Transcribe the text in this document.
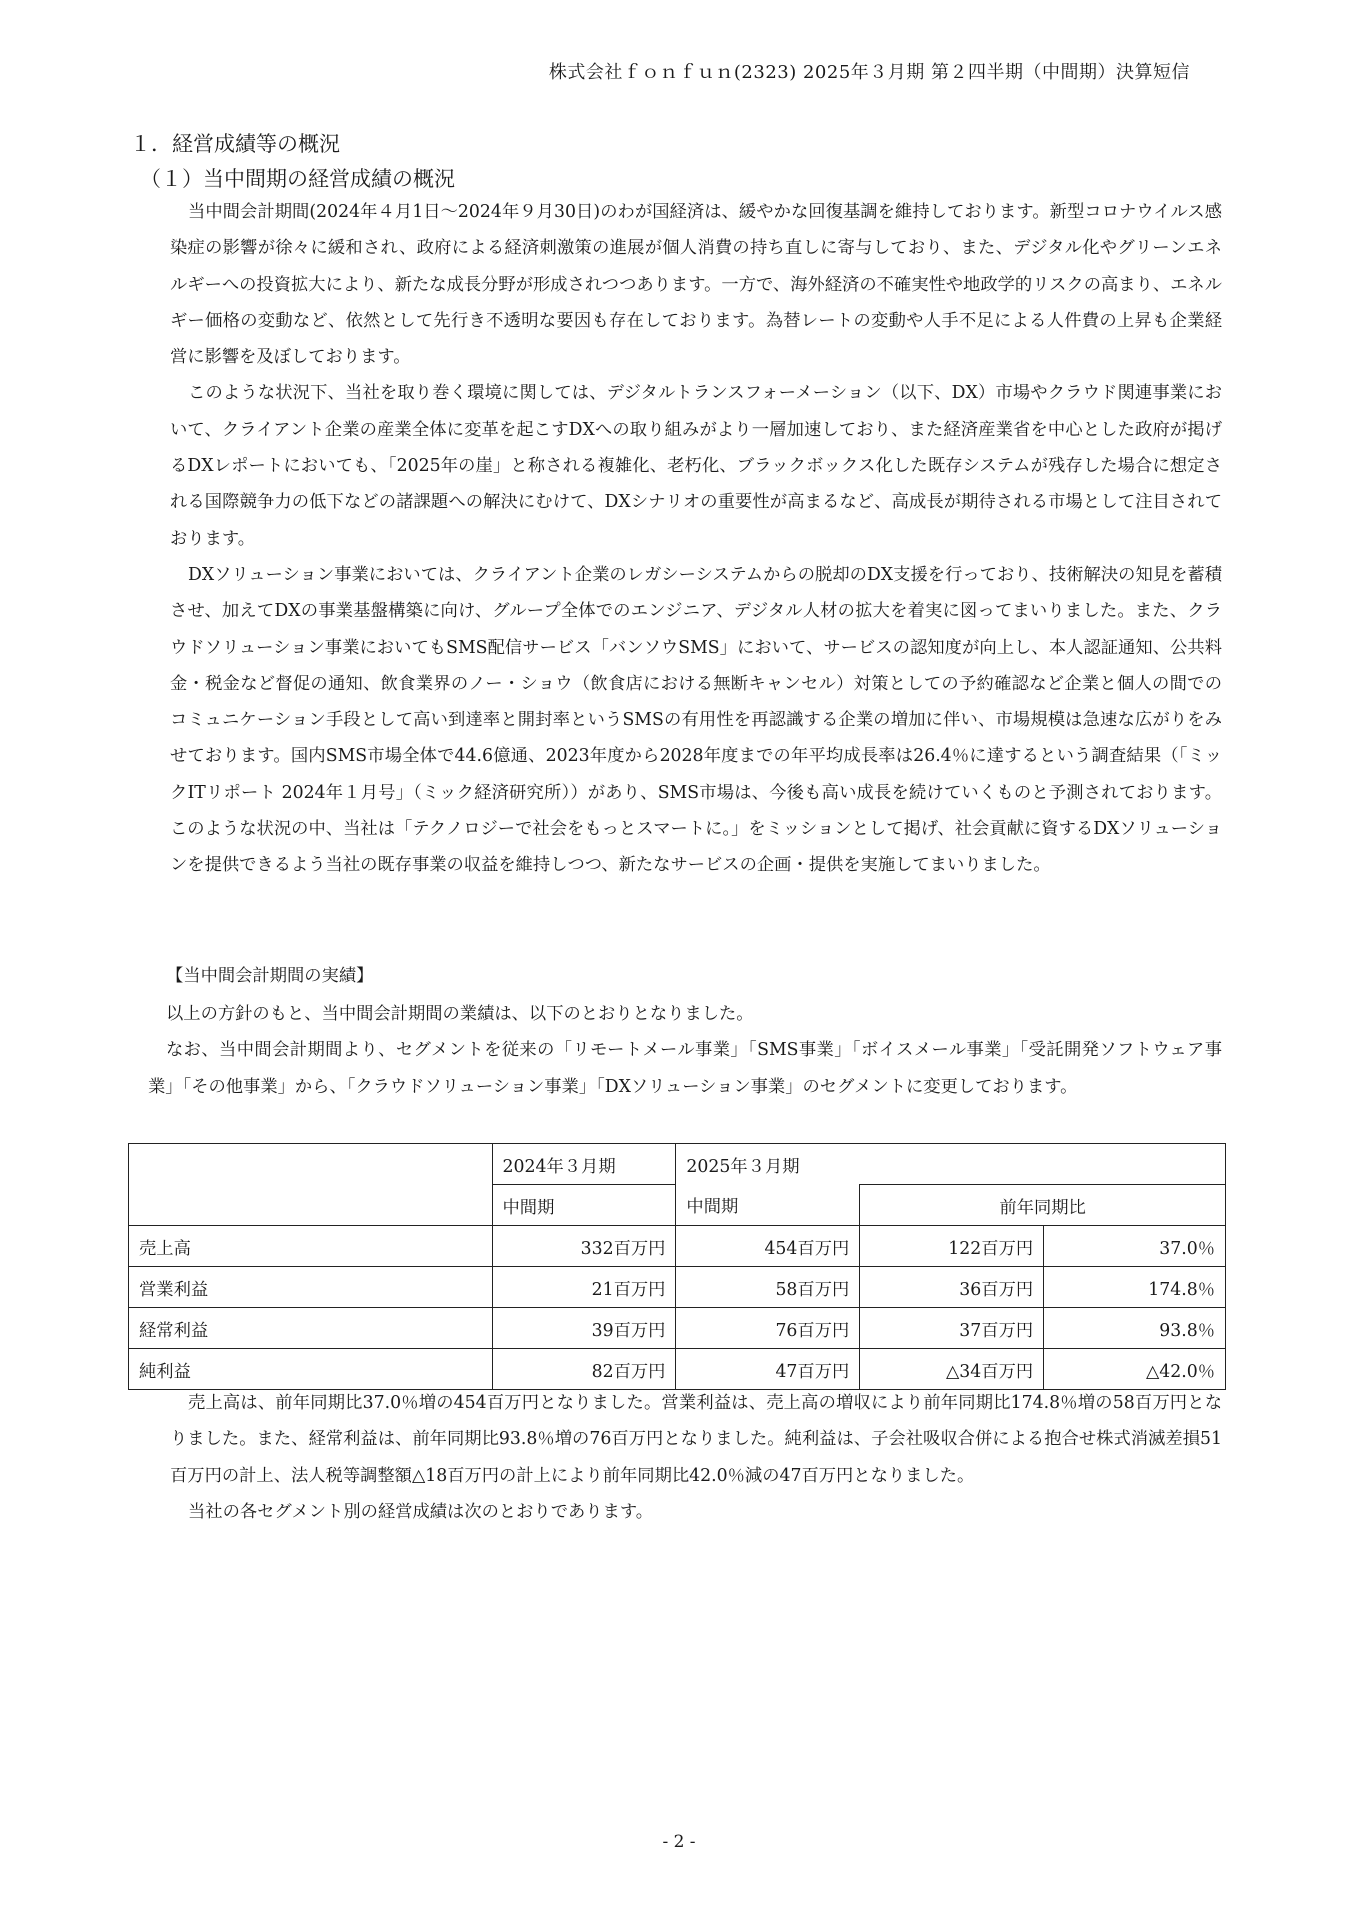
株式会社ｆｏｎｆｕｎ(2323) 2025年３月期 第２四半期（中間期）決算短信
１．経営成績等の概況
（１）当中間期の経営成績の概況

当中間会計期間(2024年４月1日～2024年９月30日)のわが国経済は、緩やかな回復基調を維持しております。新型コロナウイルス感染症の影響が徐々に緩和され、政府による経済刺激策の進展が個人消費の持ち直しに寄与しており、また、デジタル化やグリーンエネルギーへの投資拡大により、新たな成長分野が形成されつつあります。一方で、海外経済の不確実性や地政学的リスクの高まり、エネルギー価格の変動など、依然として先行き不透明な要因も存在しております。為替レートの変動や人手不足による人件費の上昇も企業経営に影響を及ぼしております。

このような状況下、当社を取り巻く環境に関しては、デジタルトランスフォーメーション（以下、DX）市場やクラウド関連事業において、クライアント企業の産業全体に変革を起こすDXへの取り組みがより一層加速しており、また経済産業省を中心とした政府が掲げるDXレポートにおいても、「2025年の崖」と称される複雑化、老朽化、ブラックボックス化した既存システムが残存した場合に想定される国際競争力の低下などの諸課題への解決にむけて、DXシナリオの重要性が高まるなど、高成長が期待される市場として注目されております。

DXソリューション事業においては、クライアント企業のレガシーシステムからの脱却のDX支援を行っており、技術解決の知見を蓄積させ、加えてDXの事業基盤構築に向け、グループ全体でのエンジニア、デジタル人材の拡大を着実に図ってまいりました。また、クラウドソリューション事業においてもSMS配信サービス「バンソウSMS」において、サービスの認知度が向上し、本人認証通知、公共料金・税金など督促の通知、飲食業界のノー・ショウ（飲食店における無断キャンセル）対策としての予約確認など企業と個人の間でのコミュニケーション手段として高い到達率と開封率というSMSの有用性を再認識する企業の増加に伴い、市場規模は急速な広がりをみせております。国内SMS市場全体で44.6億通、2023年度から2028年度までの年平均成長率は26.4％に達するという調査結果（「ミックITリポート 2024年１月号」（ミック経済研究所））があり、SMS市場は、今後も高い成長を続けていくものと予測されております。このような状況の中、当社は「テクノロジーで社会をもっとスマートに。」をミッションとして掲げ、社会貢献に資するDXソリューションを提供できるよう当社の既存事業の収益を維持しつつ、新たなサービスの企画・提供を実施してまいりました。

【当中間会計期間の実績】

以上の方針のもと、当中間会計期間の業績は、以下のとおりとなりました。

なお、当中間会計期間より、セグメントを従来の「リモートメール事業」「SMS事業」「ボイスメール事業」「受託開発ソフトウェア事業」「その他事業」から、「クラウドソリューション事業」「DXソリューション事業」のセグメントに変更しております。

	2024年３月期	2025年３月期		
	中間期	中間期	前年同期比	
売上高	332百万円	454百万円	122百万円	37.0％
営業利益	21百万円	58百万円	36百万円	174.8％
経常利益	39百万円	76百万円	37百万円	93.8％
純利益	82百万円	47百万円	△34百万円	△42.0％

売上高は、前年同期比37.0％増の454百万円となりました。営業利益は、売上高の増収により前年同期比174.8％増の58百万円となりました。また、経常利益は、前年同期比93.8％増の76百万円となりました。純利益は、子会社吸収合併による抱合せ株式消滅差損51百万円の計上、法人税等調整額△18百万円の計上により前年同期比42.0％減の47百万円となりました。

当社の各セグメント別の経営成績は次のとおりであります。

- 2 -
